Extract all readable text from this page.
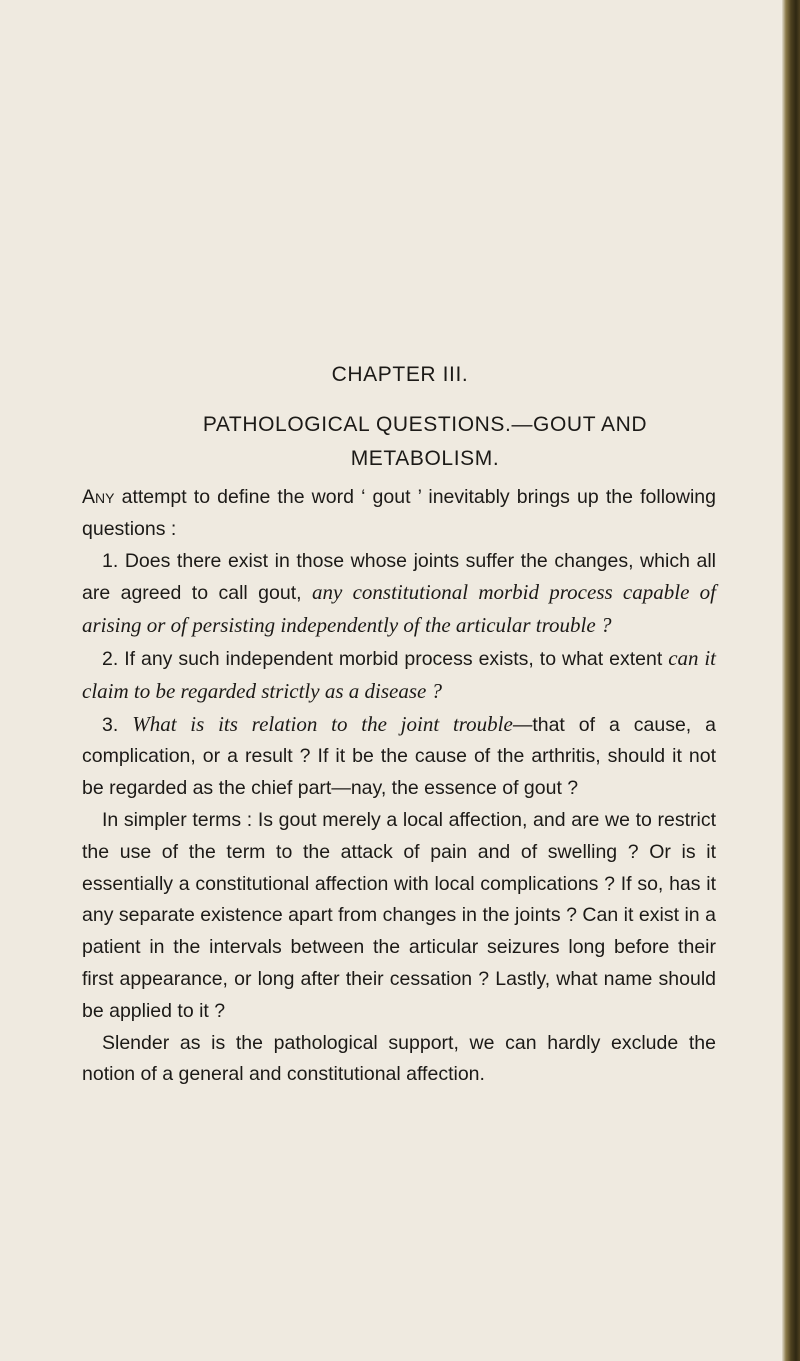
CHAPTER III.
PATHOLOGICAL QUESTIONS.—GOUT AND
METABOLISM.

Any attempt to define the word ‘ gout ’ inevitably brings up the following questions :

1. Does there exist in those whose joints suffer the changes, which all are agreed to call gout, any constitutional morbid process capable of arising or of persisting independently of the articular trouble ?

2. If any such independent morbid process exists, to what extent can it claim to be regarded strictly as a disease ?

3. What is its relation to the joint trouble—that of a cause, a complication, or a result ? If it be the cause of the arthritis, should it not be regarded as the chief part—nay, the essence of gout ?

In simpler terms : Is gout merely a local affection, and are we to restrict the use of the term to the attack of pain and of swelling ? Or is it essentially a constitutional affection with local complications ? If so, has it any separate existence apart from changes in the joints ? Can it exist in a patient in the intervals between the articular seizures long before their first appearance, or long after their cessation ? Lastly, what name should be applied to it ?

Slender as is the pathological support, we can hardly exclude the notion of a general and constitutional affection.
